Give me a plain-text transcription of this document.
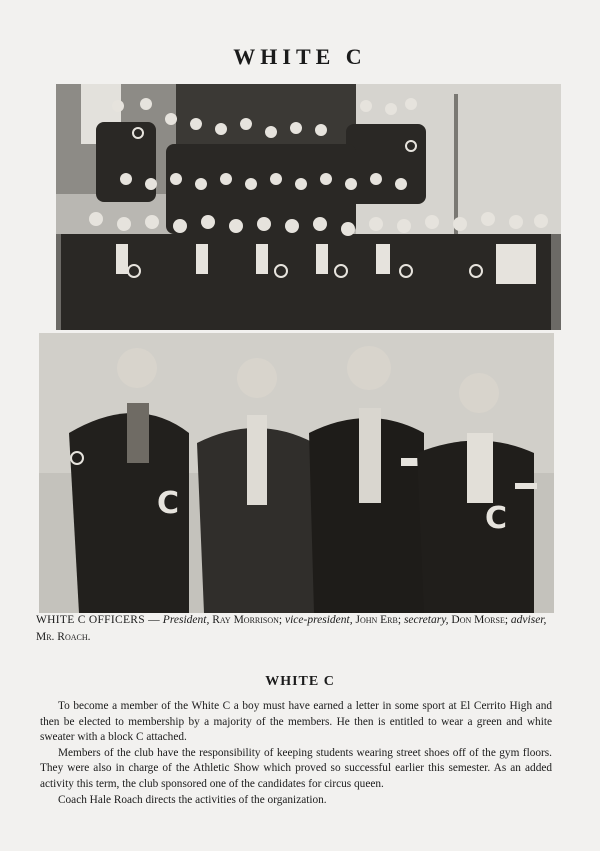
WHITE C
C	C
WHITE C OFFICERS — President, Ray Morrison; vice-president, John Erb; secretary, Don Morse; adviser, Mr. Roach.
WHITE C

To become a member of the White C a boy must have earned a letter in some sport at El Cerrito High and then be elected to membership by a majority of the members. He then is entitled to wear a green and white sweater with a block C attached.

Members of the club have the responsibility of keeping students wearing street shoes off of the gym floors. They were also in charge of the Athletic Show which proved so successful earlier this semester. As an added activity this term, the club sponsored one of the candidates for circus queen.

Coach Hale Roach directs the activities of the organization.
